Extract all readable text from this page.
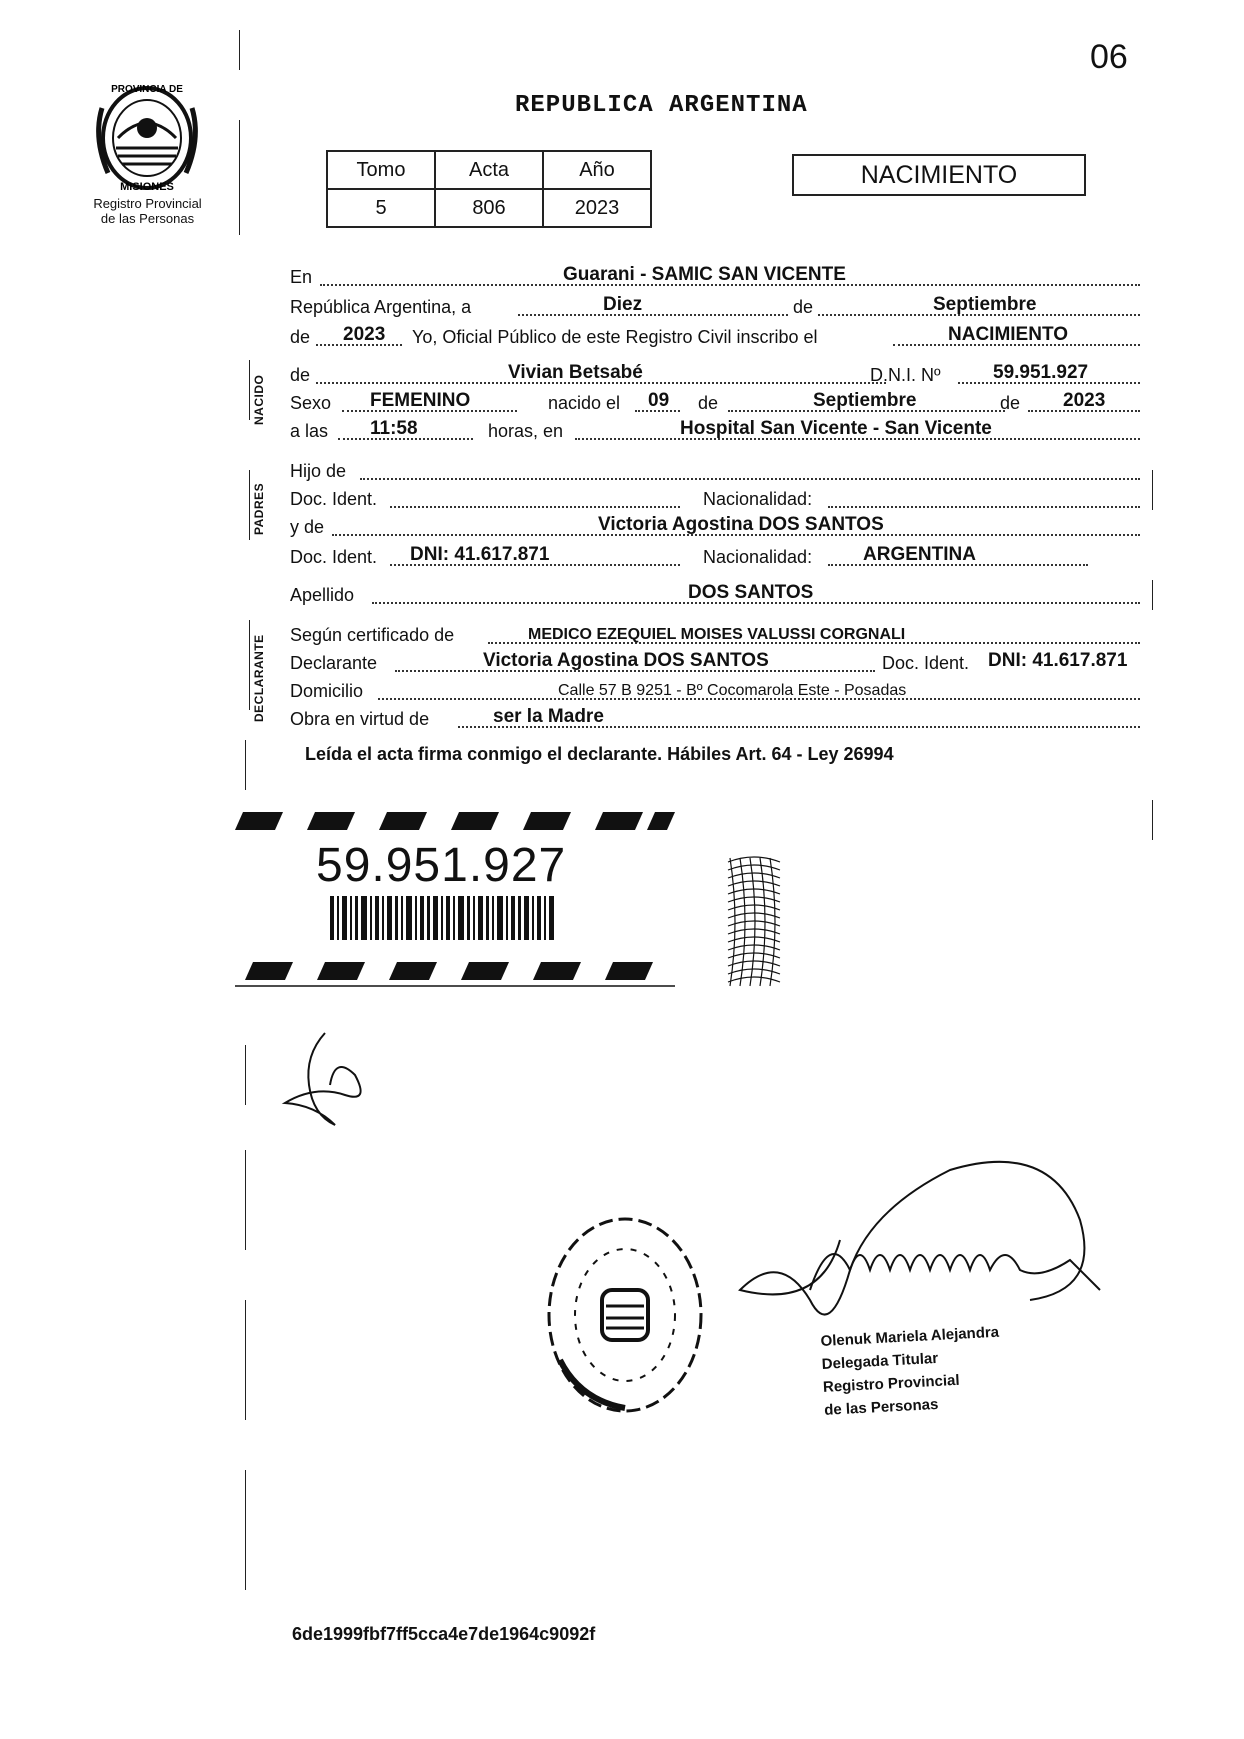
06
PROVINCIA DE
MISIONES
Registro Provincial
de las Personas
REPUBLICA ARGENTINA
Tomo	Acta	Año
5	806	2023
NACIMIENTO
NACIDO
PADRES
DECLARANTE
En	Guarani - SAMIC SAN VICENTE
República Argentina, a	Diez	de	Septiembre
de 2023 Yo, Oficial Público de este Registro Civil inscribo el	NACIMIENTO
de	Vivian Betsabé	D.N.I. Nº	59.951.927
Sexo FEMENINO	nacido el 09 de	Septiembre	de 2023
a las 11:58	horas, en	Hospital San Vicente - San Vicente
Hijo de
Doc. Ident.	Nacionalidad:
y de	Victoria Agostina DOS SANTOS
Doc. Ident. DNI: 41.617.871	Nacionalidad:	ARGENTINA
Apellido	DOS SANTOS
Según certificado de	MEDICO EZEQUIEL MOISES VALUSSI CORGNALI
Declarante	Victoria Agostina DOS SANTOS	Doc. Ident. DNI: 41.617.871
Domicilio	Calle 57 B 9251 - Bº Cocomarola Este - Posadas
Obra en virtud de	ser la Madre
Leída el acta firma conmigo el declarante. Hábiles Art. 64 - Ley 26994
59.951.927
Olenuk Mariela Alejandra
Delegada Titular
Registro Provincial
de las Personas
6de1999fbf7ff5cca4e7de1964c9092f
